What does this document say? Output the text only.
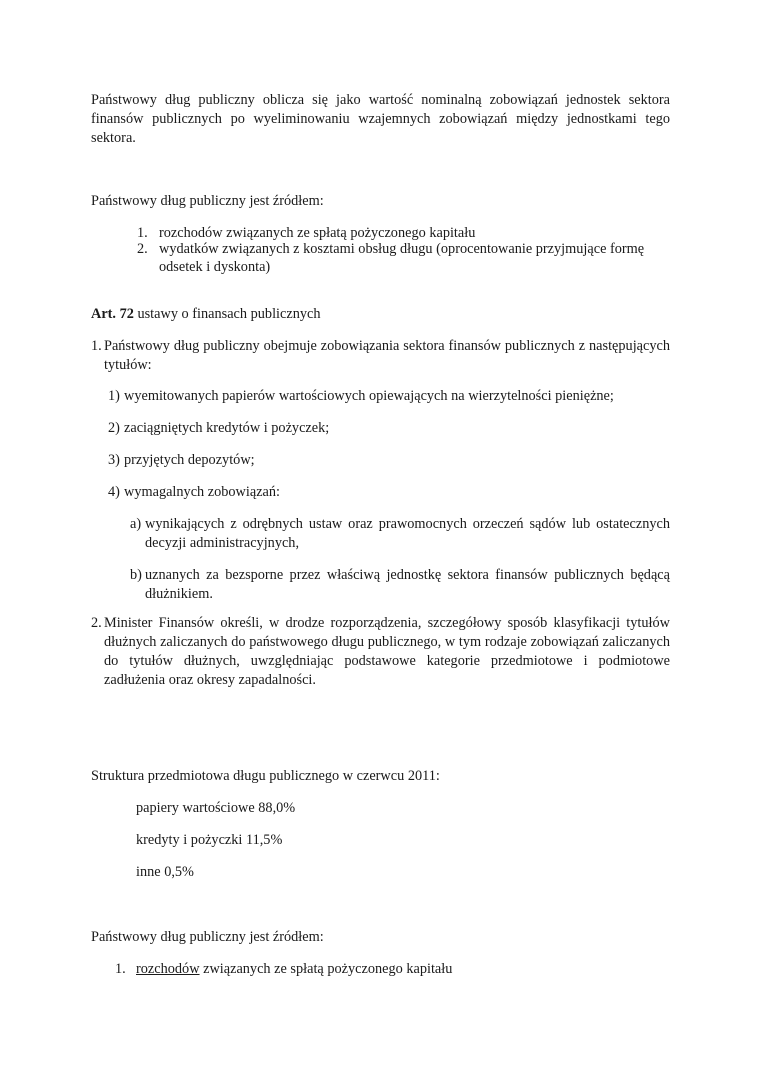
Państwowy dług publiczny oblicza się jako wartość nominalną zobowiązań jednostek sektora finansów publicznych po wyeliminowaniu wzajemnych zobowiązań między jednostkami tego sektora.

Państwowy dług publiczny jest źródłem:

1. rozchodów związanych ze spłatą pożyczonego kapitału
2. wydatków związanych z kosztami obsług długu (oprocentowanie przyjmujące formę odsetek i dyskonta)

Art. 72 ustawy o finansach publicznych

1. Państwowy dług publiczny obejmuje zobowiązania sektora finansów publicznych z następujących tytułów:
1) wyemitowanych papierów wartościowych opiewających na wierzytelności pieniężne;
2) zaciągniętych kredytów i pożyczek;
3) przyjętych depozytów;
4) wymagalnych zobowiązań:
a) wynikających z odrębnych ustaw oraz prawomocnych orzeczeń sądów lub ostatecznych decyzji administracyjnych,
b) uznanych za bezsporne przez właściwą jednostkę sektora finansów publicznych będącą dłużnikiem.
2. Minister Finansów określi, w drodze rozporządzenia, szczegółowy sposób klasyfikacji tytułów dłużnych zaliczanych do państwowego długu publicznego, w tym rodzaje zobowiązań zaliczanych do tytułów dłużnych, uwzględniając podstawowe kategorie przedmiotowe i podmiotowe zadłużenia oraz okresy zapadalności.

Struktura przedmiotowa długu publicznego w czerwcu 2011:

papiery wartościowe 88,0%

kredyty i pożyczki 11,5%

inne 0,5%

Państwowy dług publiczny jest źródłem:

1. rozchodów związanych ze spłatą pożyczonego kapitału
